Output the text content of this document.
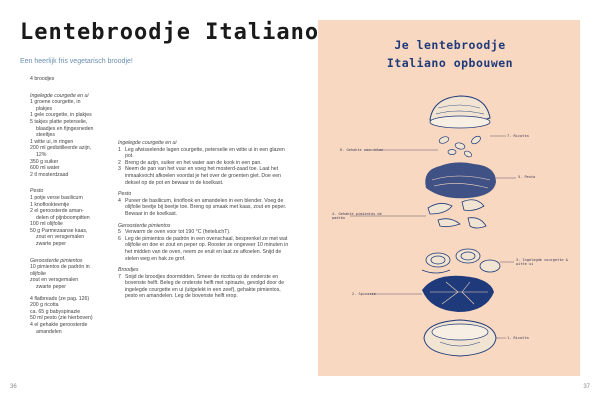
Lentebroodje Italiano
Een heerlijk fris vegetarisch broodje!
4 broodjes
Ingelegde courgette en ui
1 groene courgette, in
plakjes
1 gele courgette, in plakjes
5 takjes platte peterselie,
blaadjes en fijngesneden
steeltjes
1 witte ui, in ringen
200 ml gedistilleerde azijn,
12%
350 g suiker
600 ml water
2 tl mosterdzaad
Pesto
1 potje verse basilicum
1 knoflookteentje
2 el geroosterde aman-
delen of pijnboompitten
100 ml olijfolie
50 g Parmezaanse kaas,
zout en versgemalen
zwarte peper
Geroosterde pimientos
10 pimientos de padrón in
olijfolie
zout en versgemalen
zwarte peper
4 flatbreads (ze pag. 126)
200 g ricotta
ca. 65 g babyspinazie
50 ml pesto (zie hierboven)
4 el gehakte geroosterde
amandelen
Ingelegde courgette en ui
1 Leg afwisselende lagen courgette, peterselie en witte ui in een glazen pot.
2 Breng de azijn, suiker en het water aan de kook in een pan.
3 Neem de pan van het vuur en voeg het mosterd-zaad toe. Laat het inmaakvocht afkoelen voordat je het over de groenten giet. Doe een deksel op de pot en bewaar in de koelkast.
Pesto
4 Pureer de basilicum, knoflook en amandelen in een blender. Voeg de olijfolie beetje bij beetje toe. Breng op smaak met kaas, zout en peper. Bewaar in de koelkast.
Geroosterde pimientos
5 Verwarm de oven voor tot 190 °C (heteluchT).
6 Leg de pimientos de padrón in een ovenschaal, besprenkel ze met wat olijfolie en doe er zout en peper op. Rooster ze ongeveer 10 minuten in het midden van de oven, neem ze eruit en laat ze afkoelen. Snijd de stelen weg en hak ze grof.
Broodjes
7 Snijd de broodjes doormidden. Smeer de ricotta op de onderste en bovenste helft. Beleg de onderste helft met spinazie, gevolgd door de ingelegde courgette en ui (uitgelekt in een zeef), gehakte pimientos, pesto en amandelen. Leg de bovenste helft erop.
36	37
Je lentebroodje
Italiano opbouwen
7. Ricotta
6. Gehakte amandelen
5. Pesto
4. Gehakte pimientos de padrón
3. Ingelegde courgette & witte ui
2. Spinazie
1. Ricotta
